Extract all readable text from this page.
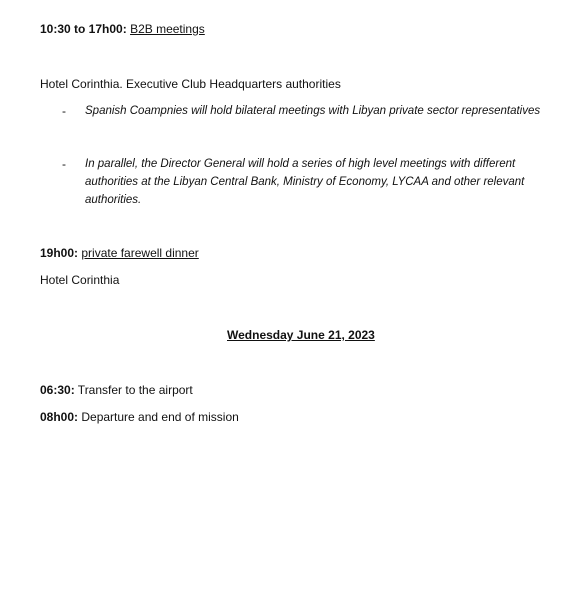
10:30 to 17h00: B2B meetings
Hotel Corinthia. Executive Club Headquarters authorities
- Spanish Coampnies will hold bilateral meetings with Libyan private sector representatives
- In parallel, the Director General will hold a series of high level meetings with different authorities at the Libyan Central Bank, Ministry of Economy, LYCAA and other relevant authorities.
19h00: private farewell dinner
Hotel Corinthia
Wednesday June 21, 2023
06:30: Transfer to the airport
08h00: Departure and end of mission
